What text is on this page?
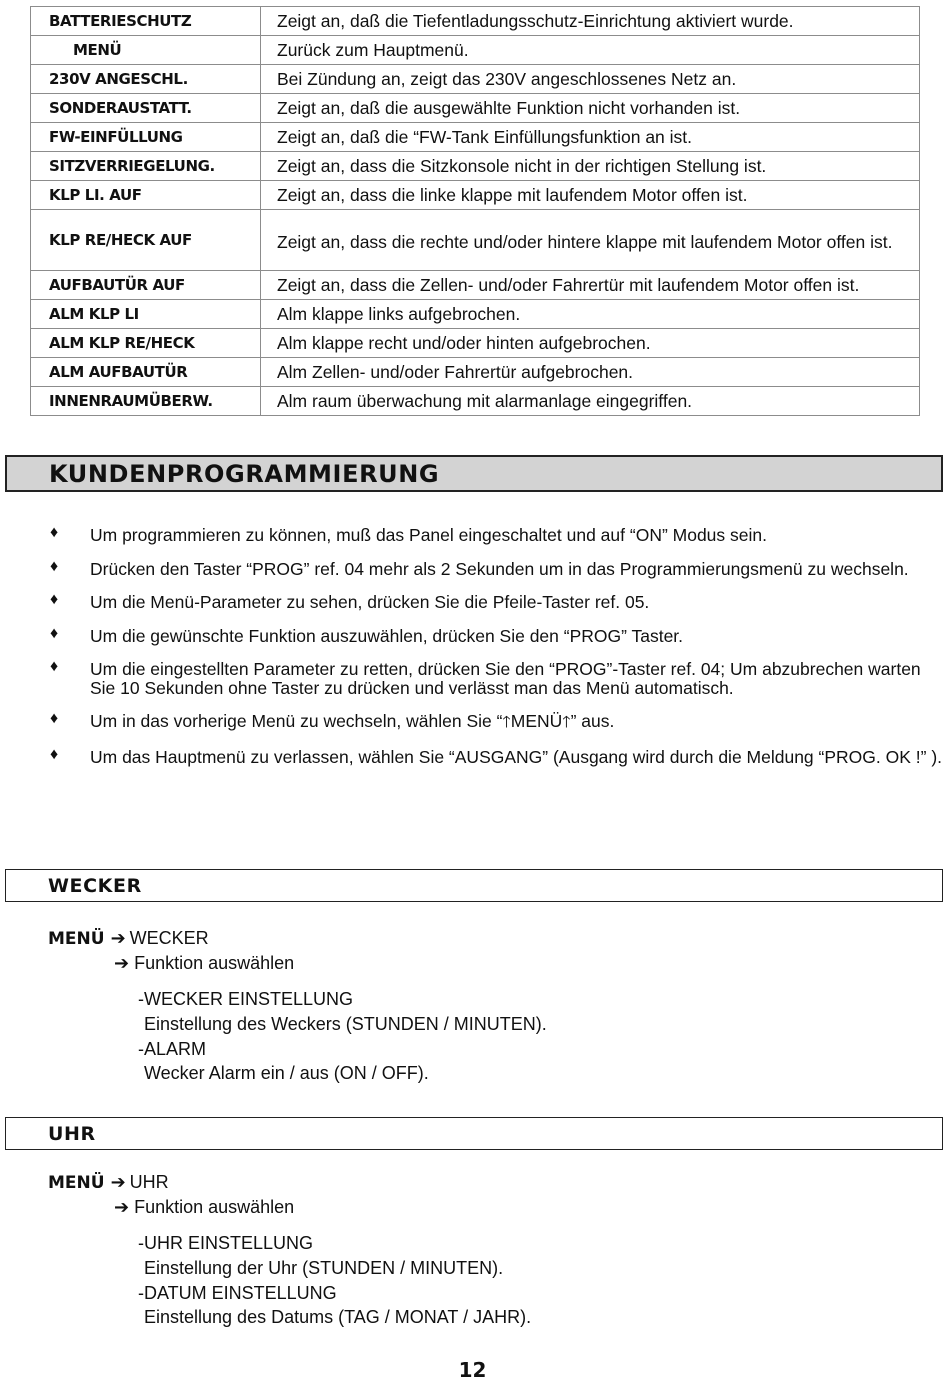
BATTERIESCHUTZ	Zeigt an, daß die Tiefentladungsschutz-Einrichtung aktiviert wurde.
MENÜ	Zurück zum Hauptmenü.
230V ANGESCHL.	Bei Zündung an, zeigt das 230V angeschlossenes Netz an.
SONDERAUSTATT.	Zeigt an, daß die ausgewählte Funktion nicht vorhanden ist.
FW-EINFÜLLUNG	Zeigt an, daß die “FW-Tank Einfüllungsfunktion an ist.
SITZVERRIEGELUNG.	Zeigt an, dass die Sitzkonsole nicht in der richtigen Stellung ist.
KLP LI. AUF	Zeigt an, dass die linke klappe mit laufendem Motor offen ist.
KLP RE/HECK AUF	Zeigt an, dass die rechte und/oder hintere klappe mit laufendem Motor offen ist.
AUFBAUTÜR AUF	Zeigt an, dass die Zellen- und/oder Fahrertür mit laufendem Motor offen ist.
ALM KLP LI	Alm klappe links aufgebrochen.
ALM KLP RE/HECK	Alm klappe recht und/oder hinten aufgebrochen.
ALM AUFBAUTÜR	Alm Zellen- und/oder Fahrertür aufgebrochen.
INNENRAUMÜBERW.	Alm raum überwachung mit alarmanlage eingegriffen.
KUNDENPROGRAMMIERUNG
♦ Um programmieren zu können, muß das Panel eingeschaltet und auf “ON” Modus sein.
♦ Drücken den Taster “PROG” ref. 04 mehr als 2 Sekunden um in das Programmierungsmenü zu wechseln.
♦ Um die Menü-Parameter zu sehen, drücken Sie die Pfeile-Taster ref. 05.
♦ Um die gewünschte Funktion auszuwählen, drücken Sie den “PROG” Taster.
♦ Um die eingestellten Parameter zu retten, drücken Sie den “PROG”-Taster ref. 04; Um abzubrechen warten Sie 10 Sekunden ohne Taster zu drücken und verlässt man das Menü automatisch.
♦ Um in das vorherige Menü zu wechseln, wählen Sie “🡑MENÜ🡑” aus.
♦ Um das Hauptmenü zu verlassen, wählen Sie “AUSGANG” (Ausgang wird durch die Meldung “PROG. OK !” ).
WECKER
MENÜ ➔ WECKER
➔ Funktion auswählen
-WECKER EINSTELLUNG
Einstellung des Weckers (STUNDEN / MINUTEN).
-ALARM
Wecker Alarm ein / aus (ON / OFF).
UHR
MENÜ ➔ UHR
➔ Funktion auswählen
-UHR EINSTELLUNG
Einstellung der Uhr (STUNDEN / MINUTEN).
-DATUM EINSTELLUNG
Einstellung des Datums (TAG / MONAT / JAHR).
12
